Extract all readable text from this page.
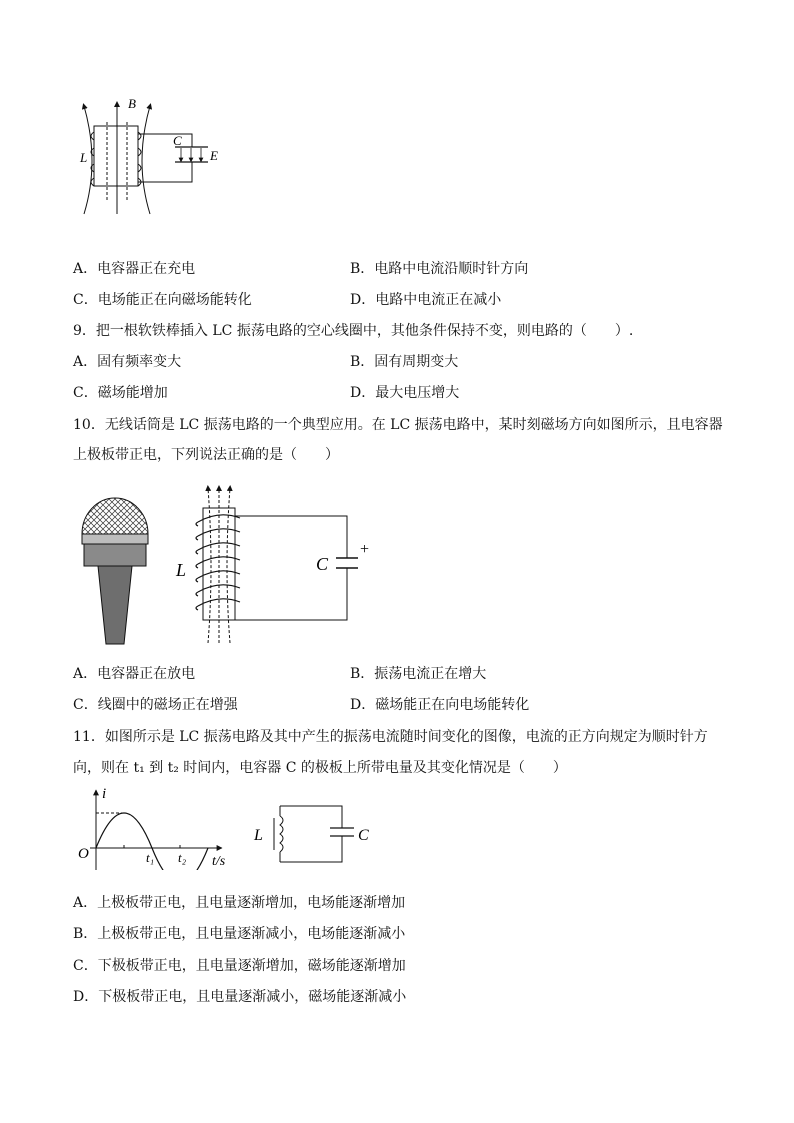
B
C
E
L
A．电容器正在充电	B．电路中电流沿顺时针方向
C．电场能正在向磁场能转化	D．电路中电流正在减小
9．把一根软铁棒插入 LC 振荡电路的空心线圈中，其他条件保持不变，则电路的（　　）.
A．固有频率变大	B．固有周期变大
C．磁场能增加	D．最大电压增大
10．无线话筒是 LC 振荡电路的一个典型应用。在 LC 振荡电路中，某时刻磁场方向如图所示，且电容器
上极板带正电，下列说法正确的是（　　）
L	C
+
A．电容器正在放电	B．振荡电流正在增大
C．线圈中的磁场正在增强	D．磁场能正在向电场能转化
11．如图所示是 LC 振荡电路及其中产生的振荡电流随时间变化的图像，电流的正方向规定为顺时针方
向，则在 t₁ 到 t₂ 时间内，电容器 C 的极板上所带电量及其变化情况是（　　）
i
O	t₁ t₂ t/s
L	C
A．上极板带正电，且电量逐渐增加，电场能逐渐增加
B．上极板带正电，且电量逐渐减小，电场能逐渐减小
C．下极板带正电，且电量逐渐增加，磁场能逐渐增加
D．下极板带正电，且电量逐渐减小，磁场能逐渐减小
